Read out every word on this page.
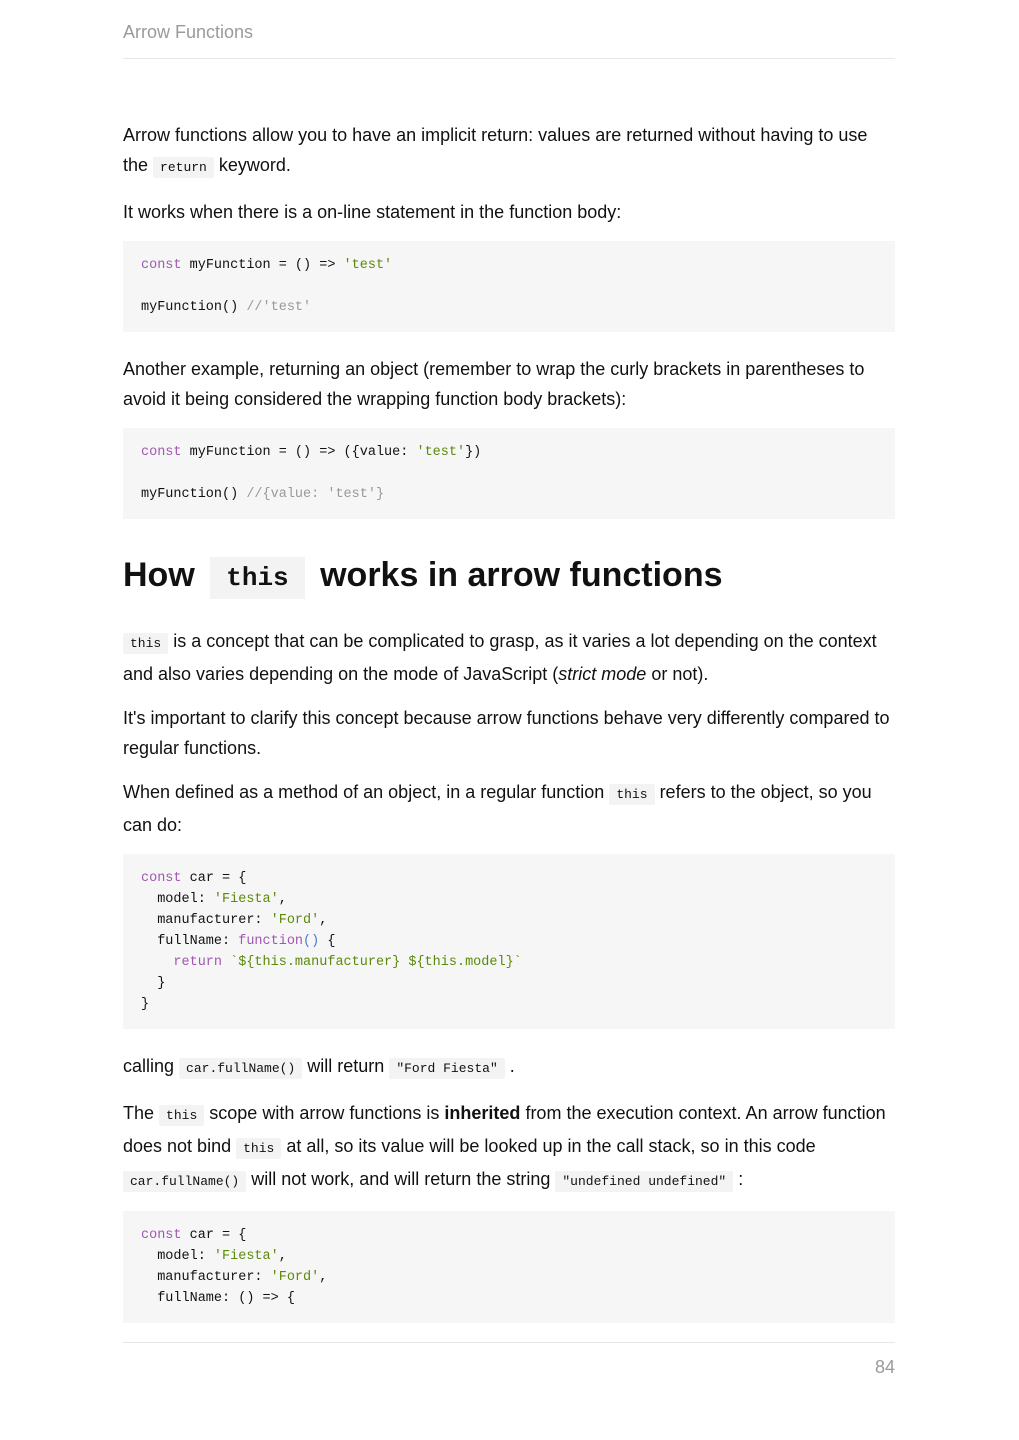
Arrow Functions

Arrow functions allow you to have an implicit return: values are returned without having to use the return keyword.

It works when there is a on-line statement in the function body:

const myFunction = () => 'test'

myFunction() //'test'

Another example, returning an object (remember to wrap the curly brackets in parentheses to avoid it being considered the wrapping function body brackets):

const myFunction = () => ({value: 'test'})

myFunction() //{value: 'test'}
How this works in arrow functions

this is a concept that can be complicated to grasp, as it varies a lot depending on the context and also varies depending on the mode of JavaScript (strict mode or not).

It's important to clarify this concept because arrow functions behave very differently compared to regular functions.

When defined as a method of an object, in a regular function this refers to the object, so you can do:

const car = {
model: 'Fiesta',
manufacturer: 'Ford',
fullName: function() {
return `${this.manufacturer} ${this.model}`
}
}

calling car.fullName() will return "Ford Fiesta" .

The this scope with arrow functions is inherited from the execution context. An arrow function does not bind this at all, so its value will be looked up in the call stack, so in this code car.fullName() will not work, and will return the string "undefined undefined" :

const car = {
model: 'Fiesta',
manufacturer: 'Ford',
fullName: () => {
84
